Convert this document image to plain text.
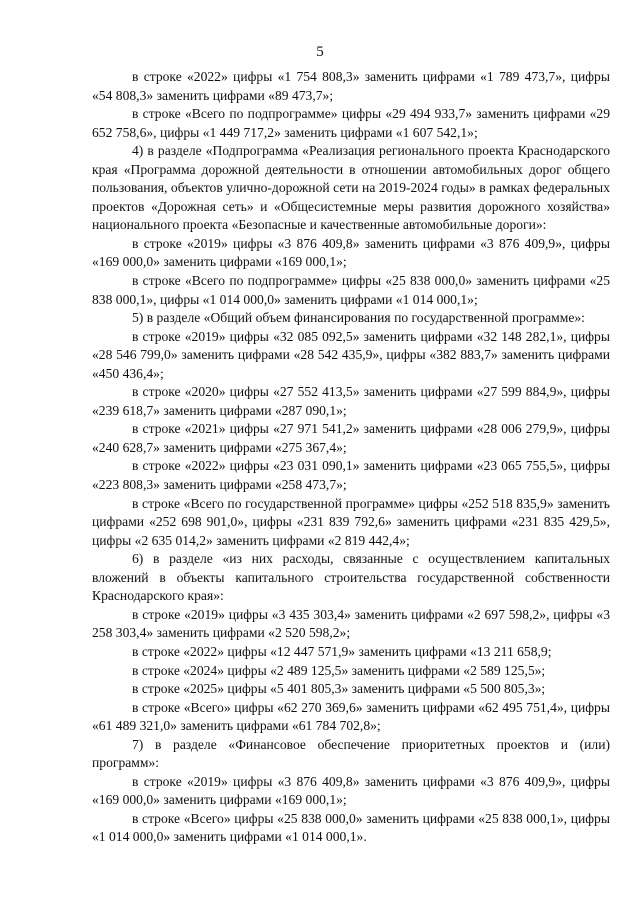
5

в строке «2022» цифры «1 754 808,3» заменить цифрами «1 789 473,7», цифры «54 808,3» заменить цифрами «89 473,7»;

в строке «Всего по подпрограмме» цифры «29 494 933,7» заменить цифрами «29 652 758,6», цифры «1 449 717,2» заменить цифрами «1 607 542,1»;

4) в разделе «Подпрограмма «Реализация регионального проекта Краснодарского края «Программа дорожной деятельности в отношении автомобильных дорог общего пользования, объектов улично-дорожной сети на 2019-2024 годы» в рамках федеральных проектов «Дорожная сеть» и «Общесистемные меры развития дорожного хозяйства» национального проекта «Безопасные и качественные автомобильные дороги»:

в строке «2019» цифры «3 876 409,8» заменить цифрами «3 876 409,9», цифры «169 000,0» заменить цифрами «169 000,1»;

в строке «Всего по подпрограмме» цифры «25 838 000,0» заменить цифрами «25 838 000,1», цифры «1 014 000,0» заменить цифрами «1 014 000,1»;

5) в разделе «Общий объем финансирования по государственной программе»:

в строке «2019» цифры «32 085 092,5» заменить цифрами «32 148 282,1», цифры «28 546 799,0» заменить цифрами «28 542 435,9», цифры «382 883,7» заменить цифрами «450 436,4»;

в строке «2020» цифры «27 552 413,5» заменить цифрами «27 599 884,9», цифры «239 618,7» заменить цифрами «287 090,1»;

в строке «2021» цифры «27 971 541,2» заменить цифрами «28 006 279,9», цифры «240 628,7» заменить цифрами «275 367,4»;

в строке «2022» цифры «23 031 090,1» заменить цифрами «23 065 755,5», цифры «223 808,3» заменить цифрами «258 473,7»;

в строке «Всего по государственной программе» цифры «252 518 835,9» заменить цифрами «252 698 901,0», цифры «231 839 792,6» заменить цифрами «231 835 429,5», цифры «2 635 014,2» заменить цифрами «2 819 442,4»;

6) в разделе «из них расходы, связанные с осуществлением капитальных вложений в объекты капитального строительства государственной собственности Краснодарского края»:

в строке «2019» цифры «3 435 303,4» заменить цифрами «2 697 598,2», цифры «3 258 303,4» заменить цифрами «2 520 598,2»;

в строке «2022» цифры «12 447 571,9» заменить цифрами «13 211 658,9;

в строке «2024» цифры «2 489 125,5» заменить цифрами «2 589 125,5»;

в строке «2025» цифры «5 401 805,3» заменить цифрами «5 500 805,3»;

в строке «Всего» цифры «62 270 369,6» заменить цифрами «62 495 751,4», цифры «61 489 321,0» заменить цифрами «61 784 702,8»;

7) в разделе «Финансовое обеспечение приоритетных проектов и (или) программ»:

в строке «2019» цифры «3 876 409,8» заменить цифрами «3 876 409,9», цифры «169 000,0» заменить цифрами «169 000,1»;

в строке «Всего» цифры «25 838 000,0» заменить цифрами «25 838 000,1», цифры «1 014 000,0» заменить цифрами «1 014 000,1».
